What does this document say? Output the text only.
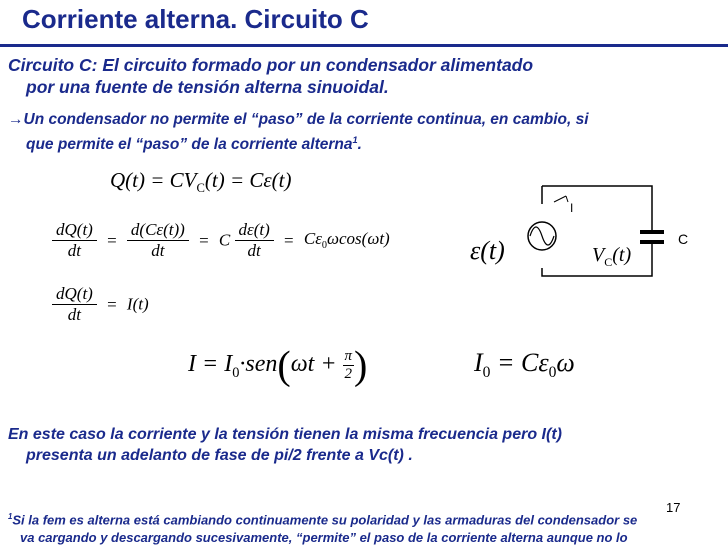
Corriente alterna. Circuito C
Circuito C: El circuito formado por un condensador alimentado
por una fuente de tensión alterna sinuoidal.
→Un condensador no permite el “paso” de la corriente continua, en cambio, si
que permite el “paso” de la corriente alterna$^1$.
$Q(t) = CV_C(t) = C\varepsilon(t)$
$\frac{dQ(t)}{dt} = \frac{d(C\varepsilon(t))}{dt} = C \frac{d\varepsilon(t)}{dt} = C\varepsilon_0\omega\cos(\omega t)$
$\frac{dQ(t)}{dt} = I(t)$
$I = I_0\cdot sen(\omega t + \frac{\pi}{2}$ )	$I_0 = C\varepsilon_0\omega$
I
C
ε(t)	$V_C(t)$
En este caso la corriente y la tensión tienen la misma frecuencia pero I(t)
presenta un adelanto de fase de pi/2 frente a Vc(t) .
17
$^1$Si la fem es alterna está cambiando continuamente su polaridad y las armaduras del condensador se
va cargando y descargando sucesivamente, “permite” el paso de la corriente alterna aunque no lo
